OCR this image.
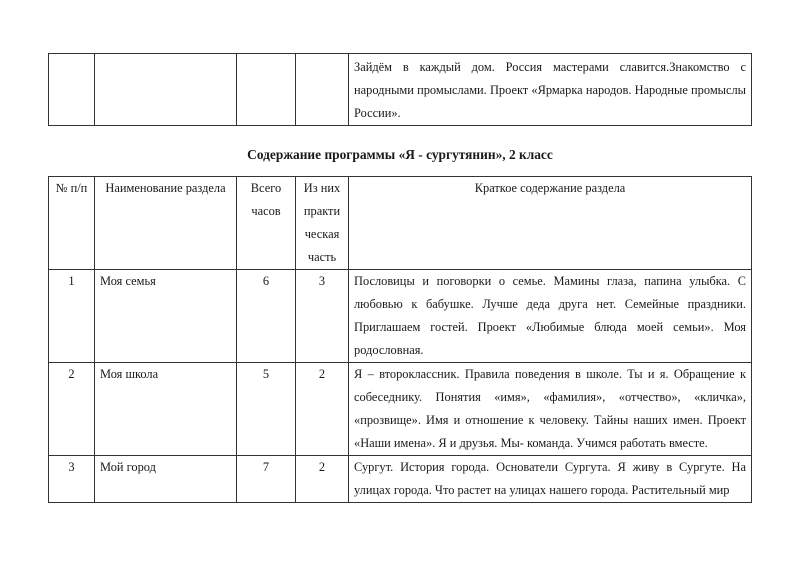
				Зайдём в каждый дом. Россия мастерами славится.Знакомство с народными промыслами. Проект «Ярмарка народов. Народные промыслы России».
Содержание программы «Я - сургутянин», 2 класс
№ п/п	Наименование раздела	Всего часов	Из них практи ческая часть	Краткое содержание раздела
1	Моя семья	6	3	Пословицы и поговорки о семье. Мамины глаза, папина улыбка. С любовью к бабушке. Лучше деда друга нет. Семейные праздники. Приглашаем гостей. Проект «Любимые блюда моей семьи». Моя родословная.
2	Моя школа	5	2	Я – второклассник. Правила поведения в школе. Ты и я. Обращение к собеседнику. Понятия «имя», «фамилия», «отчество», «кличка», «прозвище». Имя и отношение к человеку. Тайны наших имен. Проект «Наши имена». Я и друзья. Мы- команда. Учимся работать вместе.
3	Мой город	7	2	Сургут. История города. Основатели Сургута. Я живу в Сургуте. На улицах города. Что растет на улицах нашего города. Растительный мир
